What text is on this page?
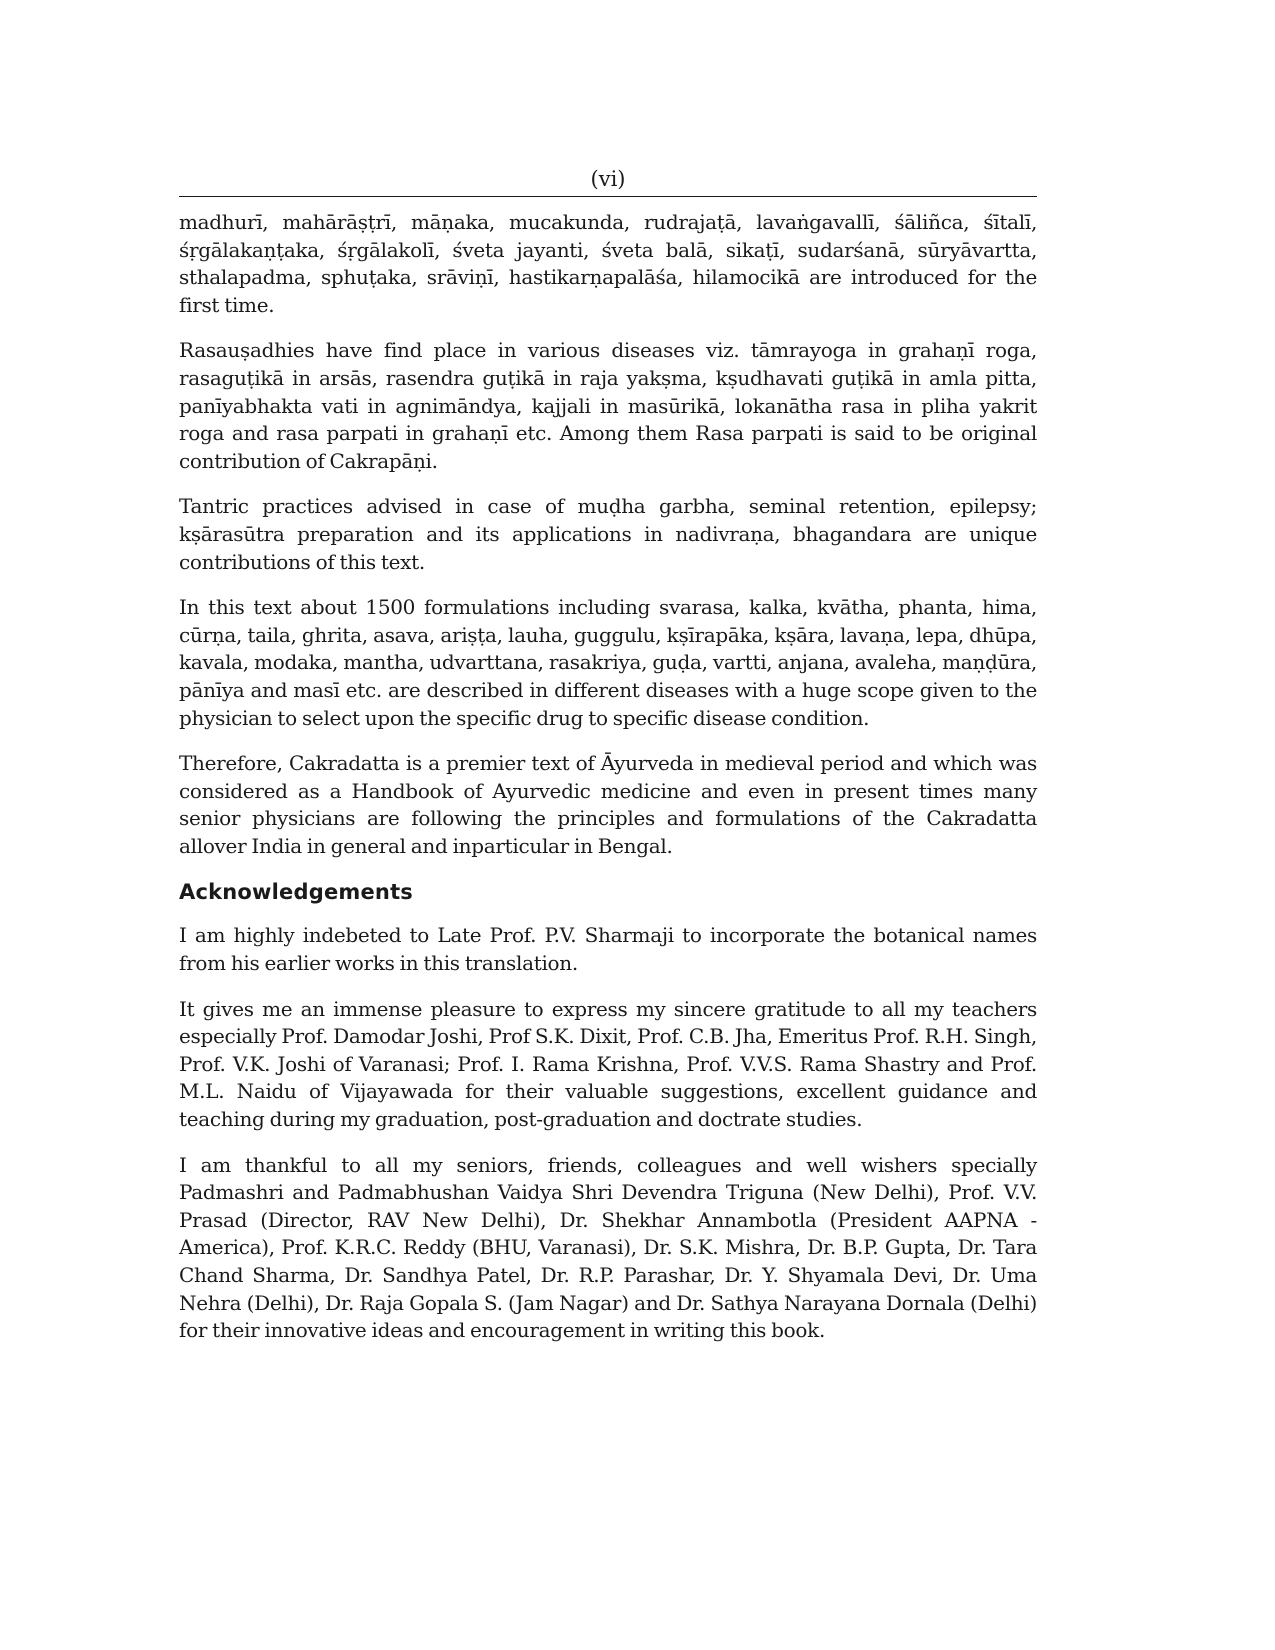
(vi)

madhurī, mahārāṣṭrī, māṇaka, mucakunda, rudrajaṭā, lavaṅgavallī, śāliñca, śītalī, śṛgālakaṇṭaka, śṛgālakolī, śveta jayanti, śveta balā, sikaṭī, sudarśanā, sūryāvartta, sthalapadma, sphuṭaka, srāviṇī, hastikarṇapalāśa, hilamocikā are introduced for the first time.

Rasauṣadhies have find place in various diseases viz. tāmrayoga in grahaṇī roga, rasaguṭikā in arsās, rasendra guṭikā in raja yakṣma, kṣudhavati guṭikā in amla pitta, panīyabhakta vati in agnimāndya, kajjali in masūrikā, lokanātha rasa in pliha yakrit roga and rasa parpati in grahaṇī etc. Among them Rasa parpati is said to be original contribution of Cakrapāṇi.

Tantric practices advised in case of muḍha garbha, seminal retention, epilepsy; kṣārasūtra preparation and its applications in nadivraṇa, bhagandara are unique contributions of this text.

In this text about 1500 formulations including svarasa, kalka, kvātha, phanta, hima, cūrṇa, taila, ghrita, asava, ariṣṭa, lauha, guggulu, kṣīrapāka, kṣāra, lavaṇa, lepa, dhūpa, kavala, modaka, mantha, udvarttana, rasakriya, guḍa, vartti, anjana, avaleha, maṇḍūra, pānīya and masī etc. are described in different diseases with a huge scope given to the physician to select upon the specific drug to specific disease condition.

Therefore, Cakradatta is a premier text of Āyurveda in medieval period and which was considered as a Handbook of Ayurvedic medicine and even in present times many senior physicians are following the principles and formulations of the Cakradatta allover India in general and inparticular in Bengal.

Acknowledgements

I am highly indebeted to Late Prof. P.V. Sharmaji to incorporate the botanical names from his earlier works in this translation.

It gives me an immense pleasure to express my sincere gratitude to all my teachers especially Prof. Damodar Joshi, Prof S.K. Dixit, Prof. C.B. Jha, Emeritus Prof. R.H. Singh, Prof. V.K. Joshi of Varanasi; Prof. I. Rama Krishna, Prof. V.V.S. Rama Shastry and Prof. M.L. Naidu of Vijayawada for their valuable suggestions, excellent guidance and teaching during my graduation, post-graduation and doctrate studies.

I am thankful to all my seniors, friends, colleagues and well wishers specially Padmashri and Padmabhushan Vaidya Shri Devendra Triguna (New Delhi), Prof. V.V. Prasad (Director, RAV New Delhi), Dr. Shekhar Annambotla (President AAPNA - America), Prof. K.R.C. Reddy (BHU, Varanasi), Dr. S.K. Mishra, Dr. B.P. Gupta, Dr. Tara Chand Sharma, Dr. Sandhya Patel, Dr. R.P. Parashar, Dr. Y. Shyamala Devi, Dr. Uma Nehra (Delhi), Dr. Raja Gopala S. (Jam Nagar) and Dr. Sathya Narayana Dornala (Delhi) for their innovative ideas and encouragement in writing this book.
